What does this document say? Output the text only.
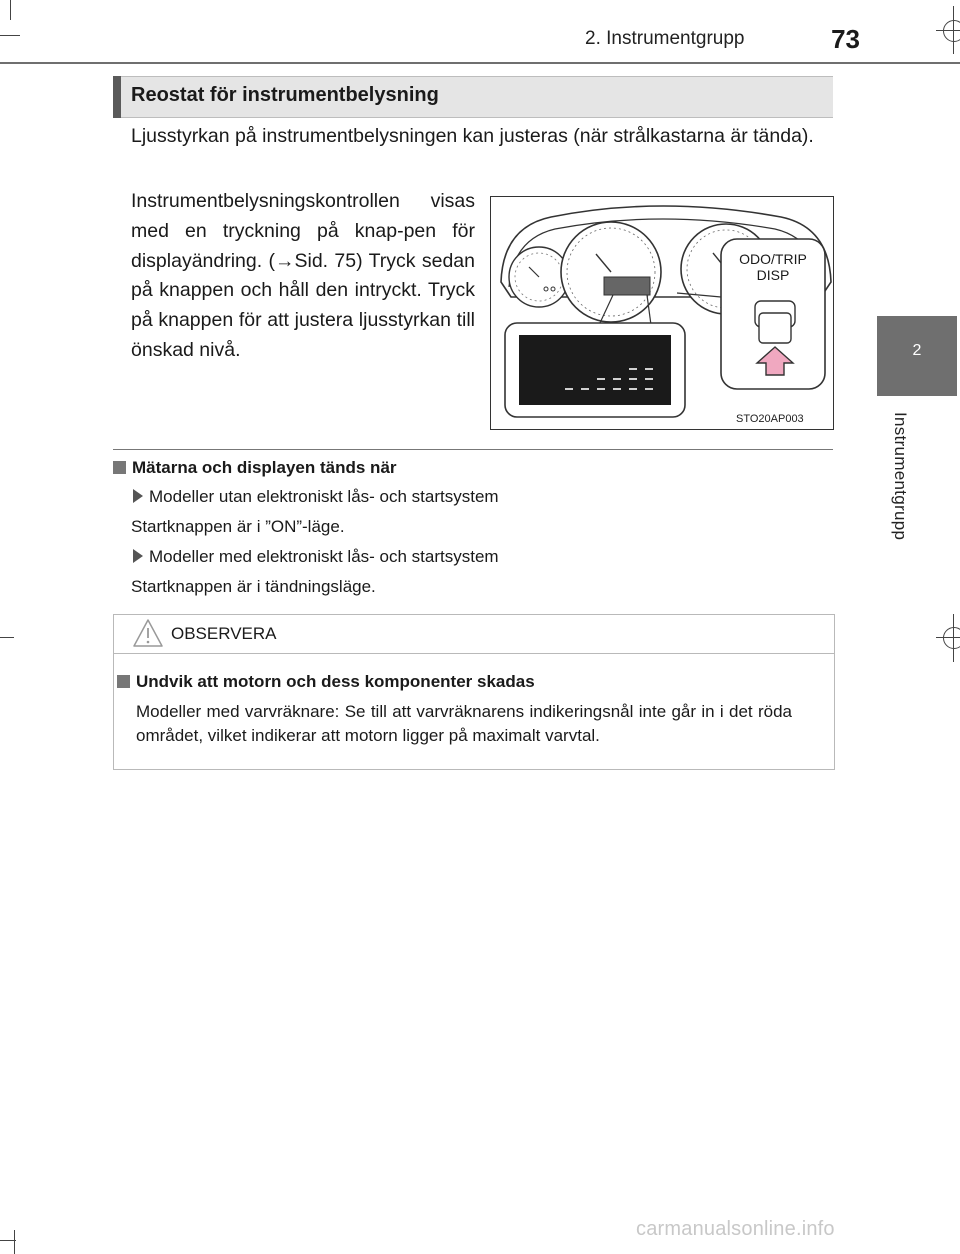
2. Instrumentgrupp	73
2
Instrumentgrupp
Reostat för instrumentbelysning
Ljusstyrkan på instrumentbelysningen kan justeras (när strålkastarna är tända).
Instrumentbelysningskontrollen visas med en tryckning på knap-pen för displayändring. (→Sid. 75) Tryck sedan på knappen och håll den intryckt. Tryck på knappen för att justera ljusstyrkan till önskad nivå.
ODO/TRIP
DISP
STO20AP003
Mätarna och displayen tänds när
Modeller utan elektroniskt lås- och startsystem
Startknappen är i ”ON”-läge.
Modeller med elektroniskt lås- och startsystem
Startknappen är i tändningsläge.
OBSERVERA
Undvik att motorn och dess komponenter skadas
Modeller med varvräknare: Se till att varvräknarens indikeringsnål inte går in i det röda området, vilket indikerar att motorn ligger på maximalt varvtal.
carmanualsonline.info
